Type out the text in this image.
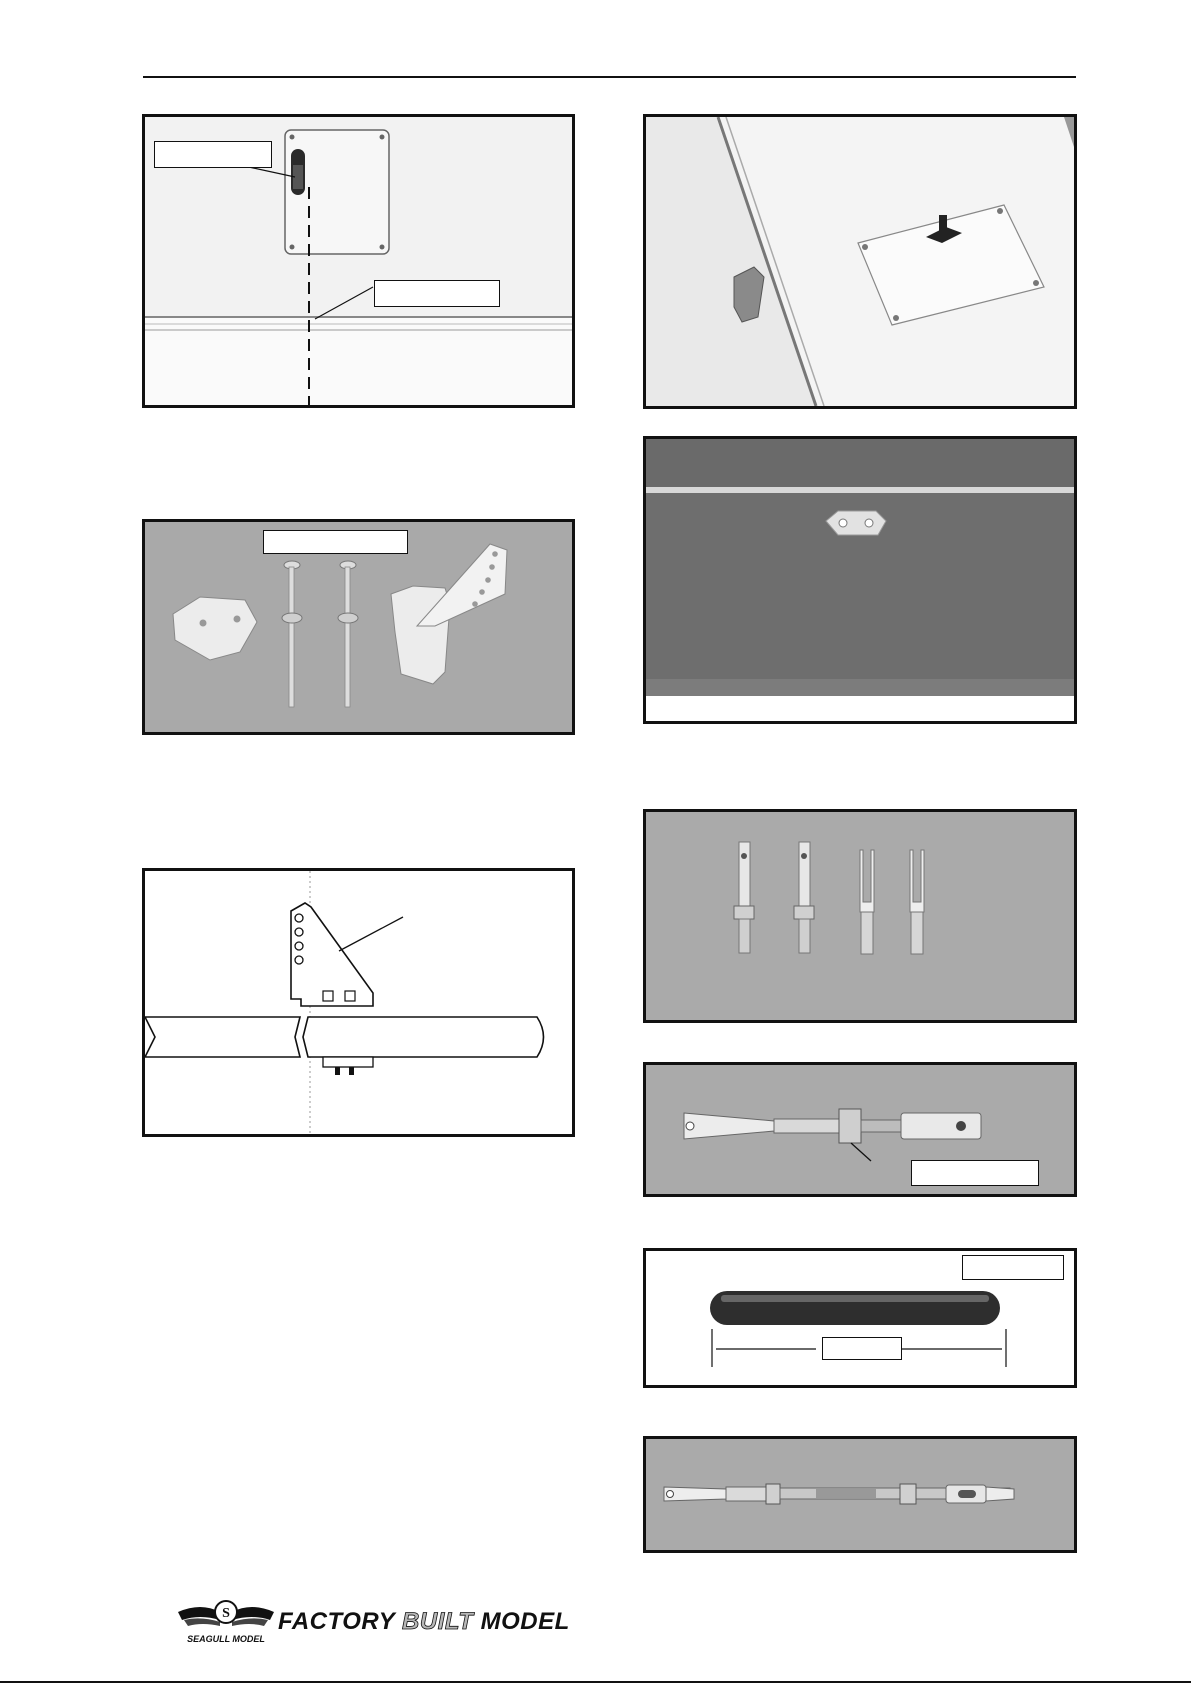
S
SEAGULL MODEL
FACTORY BUILT MODEL
